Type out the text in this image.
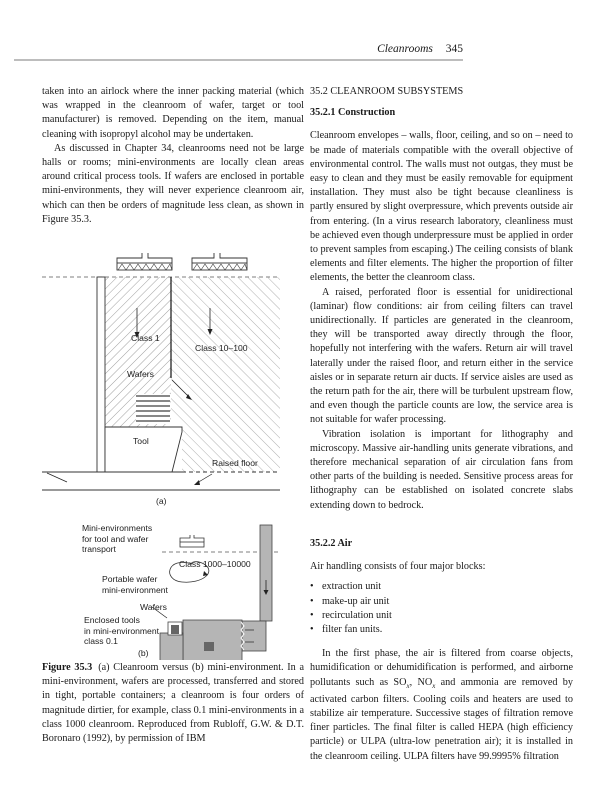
Cleanrooms 345

taken into an airlock where the inner packing material (which was wrapped in the cleanroom of wafer, target or tool manufacturer) is removed. Depending on the item, manual cleaning with isopropyl alcohol may be undertaken.

As discussed in Chapter 34, cleanrooms need not be large halls or rooms; mini-environments are locally clean areas around critical process tools. If wafers are enclosed in portable mini-environments, they will never experience cleanroom air, which can then be orders of magnitude less clean, as shown in Figure 35.3.

Class 1
Class 10–100
Wafers
Tool
Raised floor
(a)
Mini-environments
for tool and wafer
transport
Class 1000–10000
Portable wafer
mini-environment
Wafers
Enclosed tools
in mini-environment
class 0.1
(b)
Figure 35.3 (a) Cleanroom versus (b) mini-environment. In a mini-environment, wafers are processed, transferred and stored in tight, portable containers; a cleanroom is four orders of magnitude dirtier, for example, class 0.1 mini-environments in a class 1000 cleanroom. Reproduced from Rubloff, G.W. & D.T. Boronaro (1992), by permission of IBM
35.2 CLEANROOM SUBSYSTEMS
35.2.1 Construction

Cleanroom envelopes – walls, floor, ceiling, and so on – need to be made of materials compatible with the overall objective of environmental control. The walls must not outgas, they must be easy to clean and they must be easily removable for equipment installation. They must also be tight because cleanliness is partly ensured by slight overpressure, which prevents outside air from entering. (In a virus research laboratory, cleanliness must be achieved even though underpressure must be applied in order to prevent samples from escaping.) The ceiling consists of blank elements and filter elements. The higher the proportion of filter elements, the better the cleanroom class.

A raised, perforated floor is essential for unidirectional (laminar) flow conditions: air from ceiling filters can travel unidirectionally. If particles are generated in the cleanroom, they will be transported away directly through the floor, hopefully not interfering with the wafers. Return air will travel laterally under the raised floor, and return either in the service aisles or in separate return air ducts. If service aisles are used as the return path for the air, there will be turbulent upstream flow, and even though the particle counts are low, the service area is not suitable for wafer processing.

Vibration isolation is important for lithography and microscopy. Massive air-handling units generate vibrations, and therefore mechanical separation of air circulation fans from other parts of the building is needed. Sensitive process areas for lithography can be established on isolated concrete slabs extending down to bedrock.

35.2.2 Air

Air handling consists of four major blocks:

• extraction unit
• make-up air unit
• recirculation unit
• filter fan units.

In the first phase, the air is filtered from coarse objects, humidification or dehumidification is performed, and airborne pollutants such as $SO_x$, $NO_x$ and ammonia are removed by activated carbon filters. Cooling coils and heaters are used to stabilize air temperature. Successive stages of filtration remove finer particles. The final filter is called HEPA (high efficiency particle) or ULPA (ultra-low penetration air); it is installed in the cleanroom ceiling. ULPA filters have 99.9995% filtration
